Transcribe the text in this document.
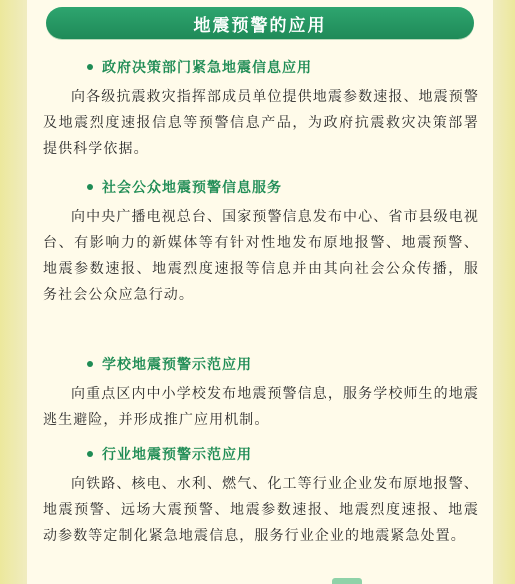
地震预警的应用
政府决策部门紧急地震信息应用
向各级抗震救灾指挥部成员单位提供地震参数速报、地震预警及地震烈度速报信息等预警信息产品，为政府抗震救灾决策部署提供科学依据。
社会公众地震预警信息服务
向中央广播电视总台、国家预警信息发布中心、省市县级电视台、有影响力的新媒体等有针对性地发布原地报警、地震预警、地震参数速报、地震烈度速报等信息并由其向社会公众传播，服务社会公众应急行动。
学校地震预警示范应用
向重点区内中小学校发布地震预警信息，服务学校师生的地震逃生避险，并形成推广应用机制。
行业地震预警示范应用
向铁路、核电、水利、燃气、化工等行业企业发布原地报警、地震预警、远场大震预警、地震参数速报、地震烈度速报、地震动参数等定制化紧急地震信息，服务行业企业的地震紧急处置。
